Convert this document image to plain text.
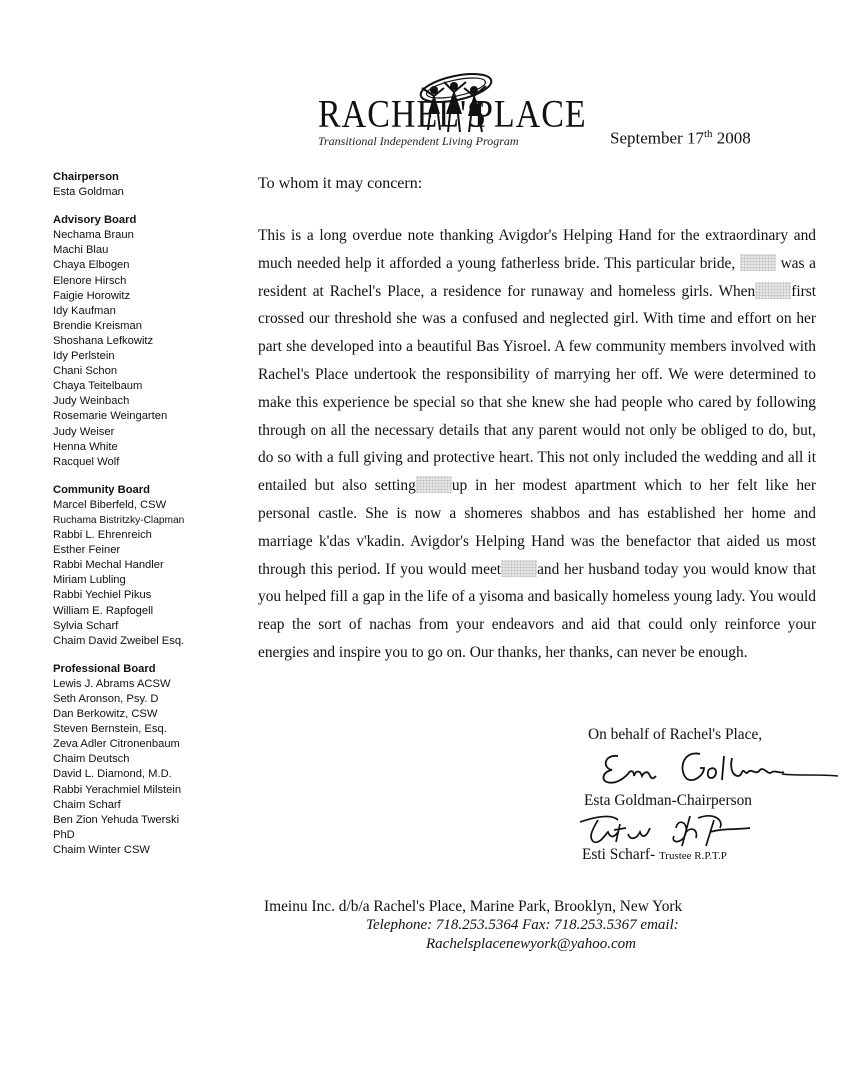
RACHEL'S
PLACE
Transitional Independent Living Program	September 17th 2008
Chairperson
Esta Goldman
Advisory Board
Nechama Braun
Machi Blau
Chaya Elbogen
Elenore Hirsch
Faigie Horowitz
Idy Kaufman
Brendie Kreisman
Shoshana Lefkowitz
Idy Perlstein
Chani Schon
Chaya Teitelbaum
Judy Weinbach
Rosemarie Weingarten
Judy Weiser
Henna White
Racquel Wolf
Community Board
Marcel Biberfeld, CSW
Ruchama Bistritzky-Clapman
Rabbi L. Ehrenreich
Esther Feiner
Rabbi Mechal Handler
Miriam Lubling
Rabbi Yechiel Pikus
William E. Rapfogell
Sylvia Scharf
Chaim David Zweibel Esq.
Professional Board
Lewis J. Abrams ACSW
Seth Aronson, Psy. D
Dan Berkowitz, CSW
Steven Bernstein, Esq.
Zeva Adler Citronenbaum
Chaim Deutsch
David L. Diamond, M.D.
Rabbi Yerachmiel Milstein
Chaim Scharf
Ben Zion Yehuda Twerski
PhD
Chaim Winter CSW
To whom it may concern:

This is a long overdue note thanking Avigdor's Helping Hand for the extraordinary and much needed help it afforded a young fatherless bride. This particular bride,	was a resident at Rachel's Place, a residence for runaway and homeless girls. When first crossed our threshold she was a confused and neglected girl. With time and effort on her part she developed into a beautiful Bas Yisroel. A few community members involved with Rachel's Place undertook the responsibility of marrying her off. We were determined to make this experience be special so that she knew she had people who cared by following through on all the necessary details that any parent would not only be obliged to do, but, do so with a full giving and protective heart. This not only included the wedding and all it entailed but also setting up in her modest apartment which to her felt like her personal castle. She is now a shomeres shabbos and has established her home and marriage k'das v'kadin. Avigdor's Helping Hand was the benefactor that aided us most through this period. If you would meet and her husband today you would know that you helped fill a gap in the life of a yisoma and basically homeless young lady. You would reap the sort of nachas from your endeavors and aid that could only reinforce your energies and inspire you to go on. Our thanks, her thanks, can never be enough.

On behalf of Rachel's Place,
Esta Goldman-Chairperson
Esti Scharf- Trustee R.P.T.P
Imeinu Inc. d/b/a Rachel's Place, Marine Park, Brooklyn, New York
Telephone: 718.253.5364 Fax: 718.253.5367 email:
Rachelsplacenewyork@yahoo.com
